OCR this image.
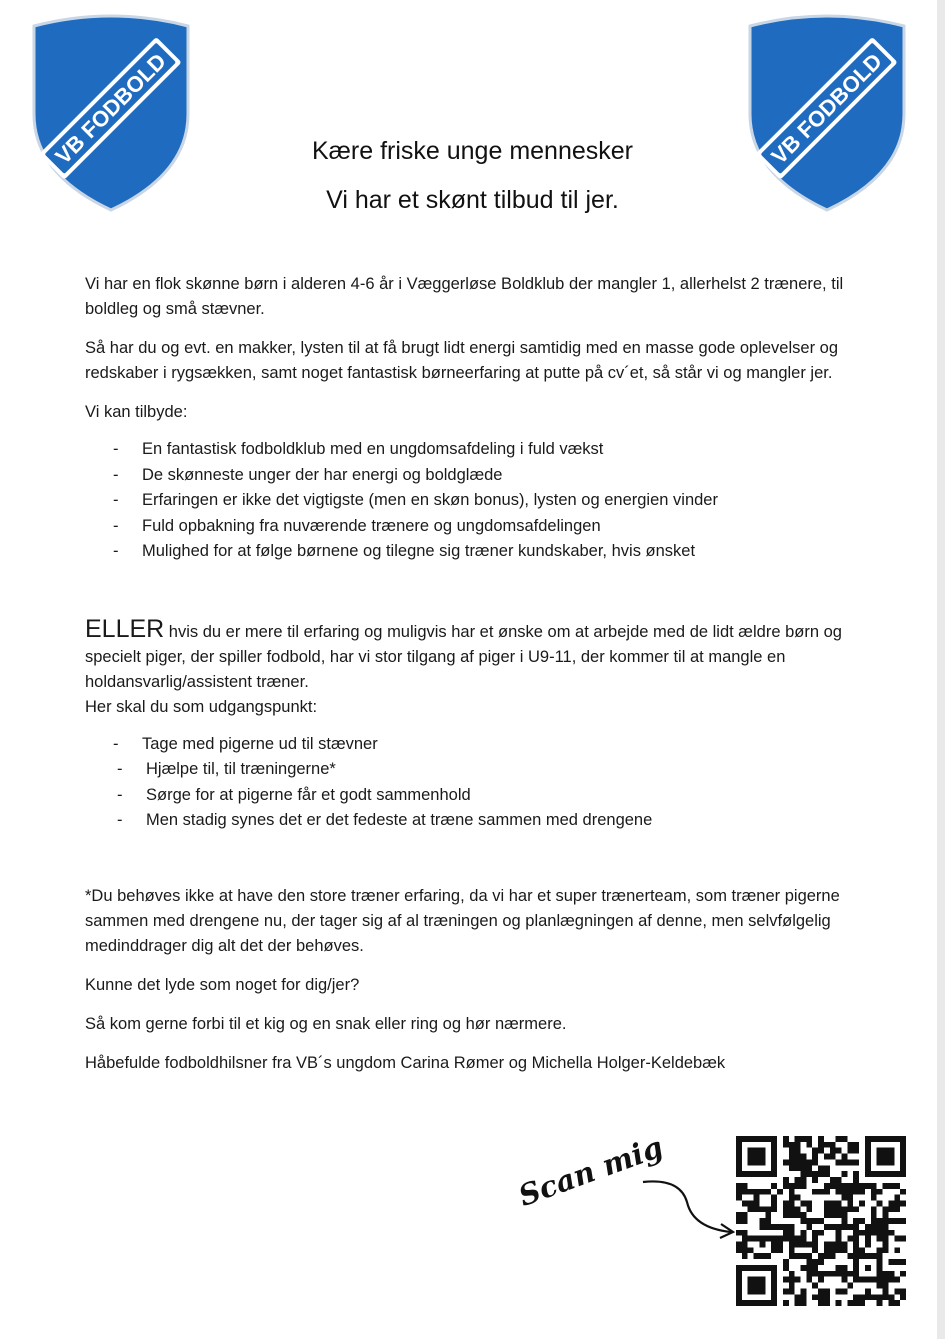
VB FODBOLD	VB FODBOLD
Kære friske unge mennesker
Vi har et skønt tilbud til jer.

Vi har en flok skønne børn i alderen 4-6 år i Væggerløse Boldklub der mangler 1, allerhelst 2 trænere, til boldleg og små stævner.

Så har du og evt. en makker, lysten til at få brugt lidt energi samtidig med en masse gode oplevelser og redskaber i rygsækken, samt noget fantastisk børneerfaring at putte på cv´et, så står vi og mangler jer.

Vi kan tilbyde:

- En fantastisk fodboldklub med en ungdomsafdeling i fuld vækst
- De skønneste unger der har energi og boldglæde
- Erfaringen er ikke det vigtigste (men en skøn bonus), lysten og energien vinder
- Fuld opbakning fra nuværende trænere og ungdomsafdelingen
- Mulighed for at følge børnene og tilegne sig træner kundskaber, hvis ønsket

ELLER hvis du er mere til erfaring og muligvis har et ønske om at arbejde med de lidt ældre børn og specielt piger, der spiller fodbold, har vi stor tilgang af piger i U9-11, der kommer til at mangle en holdansvarlig/assistent træner.

Her skal du som udgangspunkt:

- Tage med pigerne ud til stævner
- Hjælpe til, til træningerne*
- Sørge for at pigerne får et godt sammenhold
- Men stadig synes det er det fedeste at træne sammen med drengene

*Du behøves ikke at have den store træner erfaring, da vi har et super trænerteam, som træner pigerne sammen med drengene nu, der tager sig af al træningen og planlægningen af denne, men selvfølgelig medinddrager dig alt det der behøves.

Kunne det lyde som noget for dig/jer?

Så kom gerne forbi til et kig og en snak eller ring og hør nærmere.

Håbefulde fodboldhilsner fra VB´s ungdom Carina Rømer og Michella Holger-Keldebæk

Scan mig
